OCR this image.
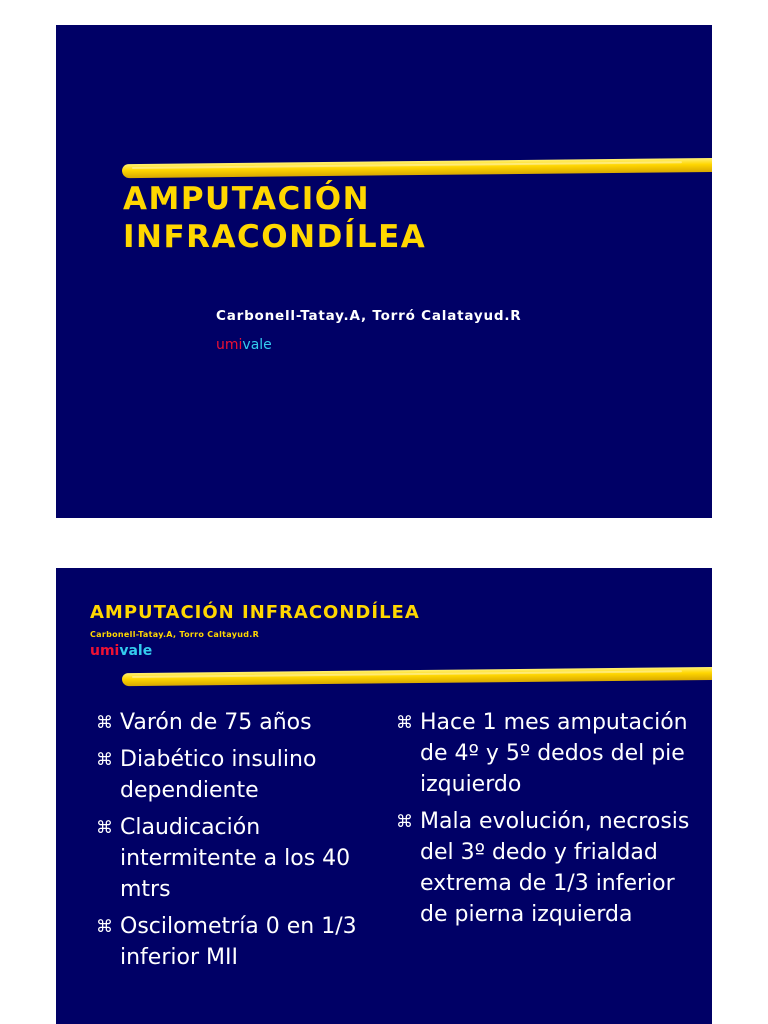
AMPUTACIÓN
INFRACONDÍLEA
Carbonell-Tatay.A, Torró Calatayud.R
umivale
AMPUTACIÓN INFRACONDÍLEA
Carbonell-Tatay.A, Torro Caltayud.R
umivale
⌘ Varón de 75 años
⌘ Diabético insulino dependiente
⌘ Claudicación intermitente a los 40 mtrs
⌘ Oscilometría 0 en 1/3 inferior MII
⌘ Hace 1 mes amputación de 4º y 5º dedos del pie izquierdo
⌘ Mala evolución, necrosis del 3º dedo y frialdad extrema de 1/3 inferior de pierna izquierda
